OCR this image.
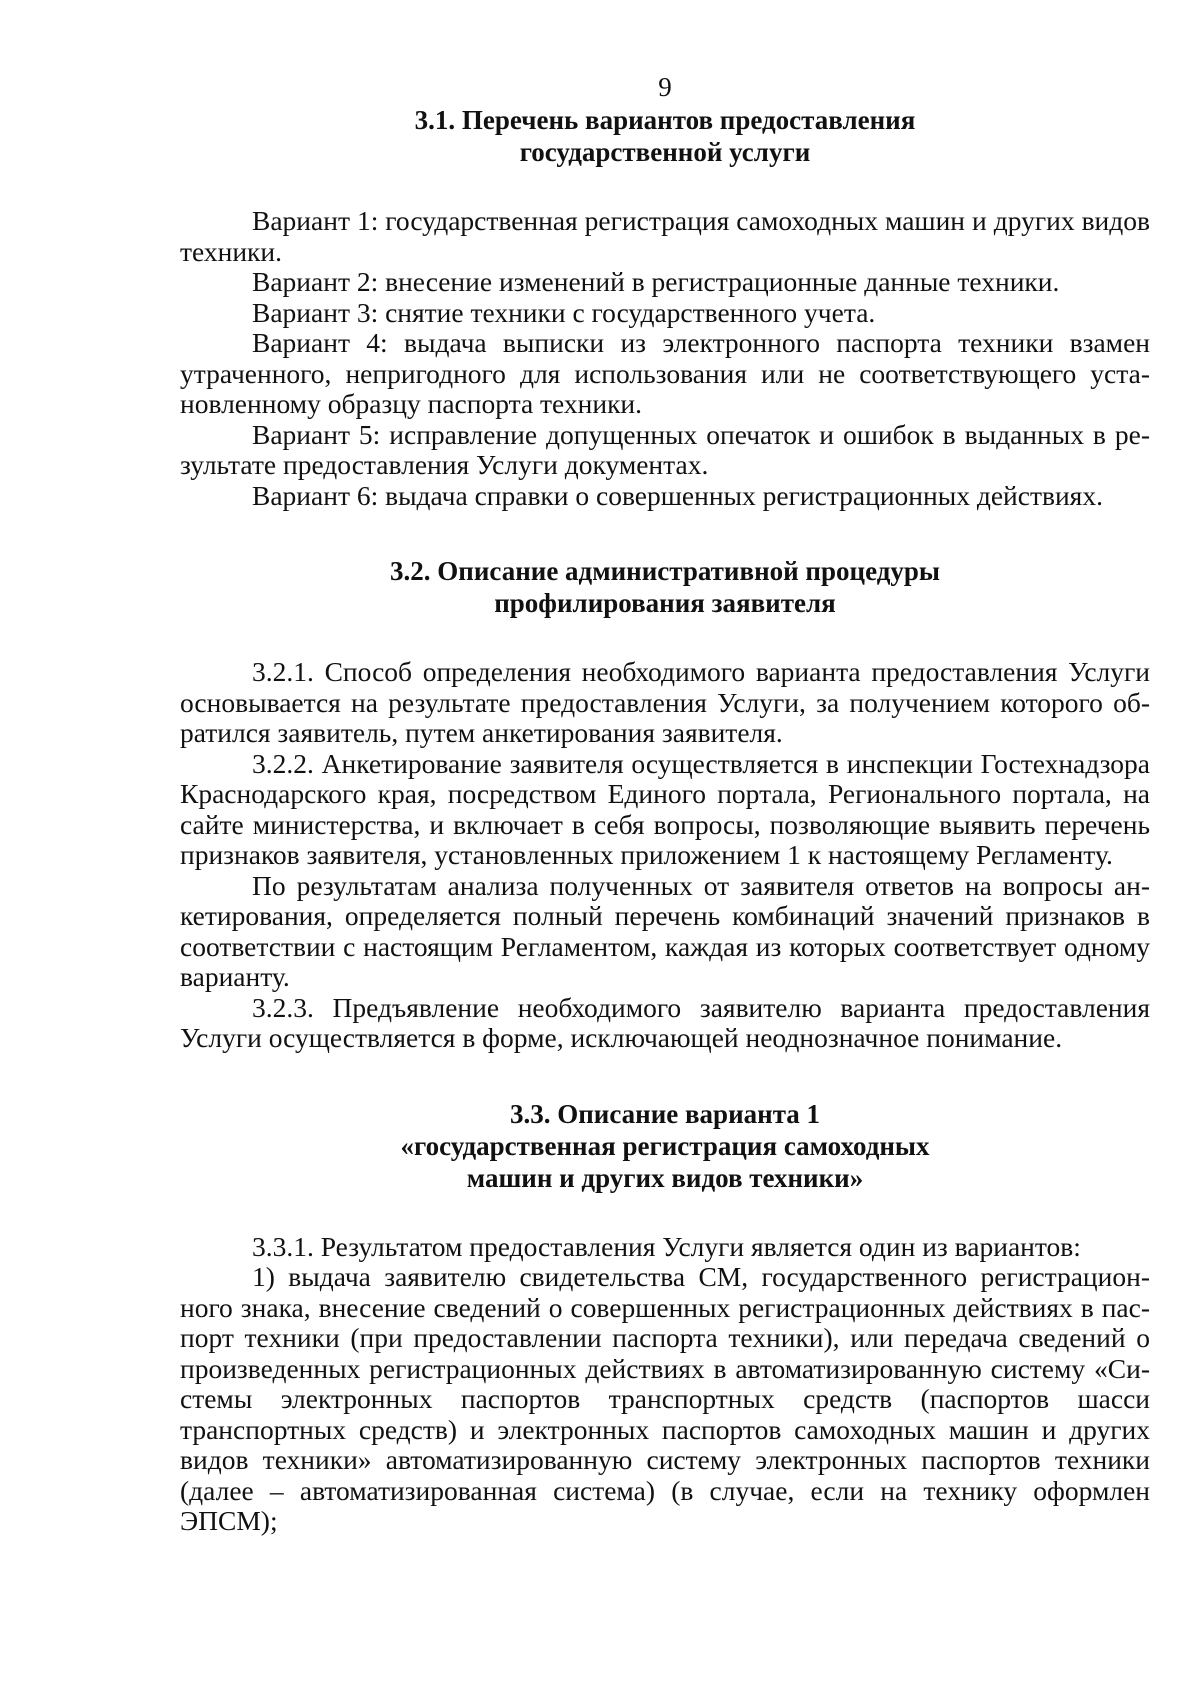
9

3.1. Перечень вариантов предоставления
государственной услуги

Вариант 1: государственная регистрация самоходных машин и других видов техники.

Вариант 2: внесение изменений в регистрационные данные техники.

Вариант 3: снятие техники с государственного учета.

Вариант 4: выдача выписки из электронного паспорта техники взамен утраченного, непригодного для использования или не соответствующего установленному образцу паспорта техники.

Вариант 5: исправление допущенных опечаток и ошибок в выданных в результате предоставления Услуги документах.

Вариант 6: выдача справки о совершенных регистрационных действиях.

3.2. Описание административной процедуры
профилирования заявителя

3.2.1. Способ определения необходимого варианта предоставления Услуги основывается на результате предоставления Услуги, за получением которого обратился заявитель, путем анкетирования заявителя.

3.2.2. Анкетирование заявителя осуществляется в инспекции Гостехнадзора Краснодарского края, посредством Единого портала, Регионального портала, на сайте министерства, и включает в себя вопросы, позволяющие выявить перечень признаков заявителя, установленных приложением 1 к настоящему Регламенту.

По результатам анализа полученных от заявителя ответов на вопросы анкетирования, определяется полный перечень комбинаций значений признаков в соответствии с настоящим Регламентом, каждая из которых соответствует одному варианту.

3.2.3. Предъявление необходимого заявителю варианта предоставления Услуги осуществляется в форме, исключающей неоднозначное понимание.

3.3. Описание варианта 1
«государственная регистрация самоходных
машин и других видов техники»

3.3.1. Результатом предоставления Услуги является один из вариантов:

1) выдача заявителю свидетельства СМ, государственного регистрационного знака, внесение сведений о совершенных регистрационных действиях в паспорт техники (при предоставлении паспорта техники), или передача сведений о произведенных регистрационных действиях в автоматизированную систему «Системы электронных паспортов транспортных средств (паспортов шасси транспортных средств) и электронных паспортов самоходных машин и других видов техники» автоматизированную систему электронных паспортов техники (далее – автоматизированная система) (в случае, если на технику оформлен ЭПСМ);
